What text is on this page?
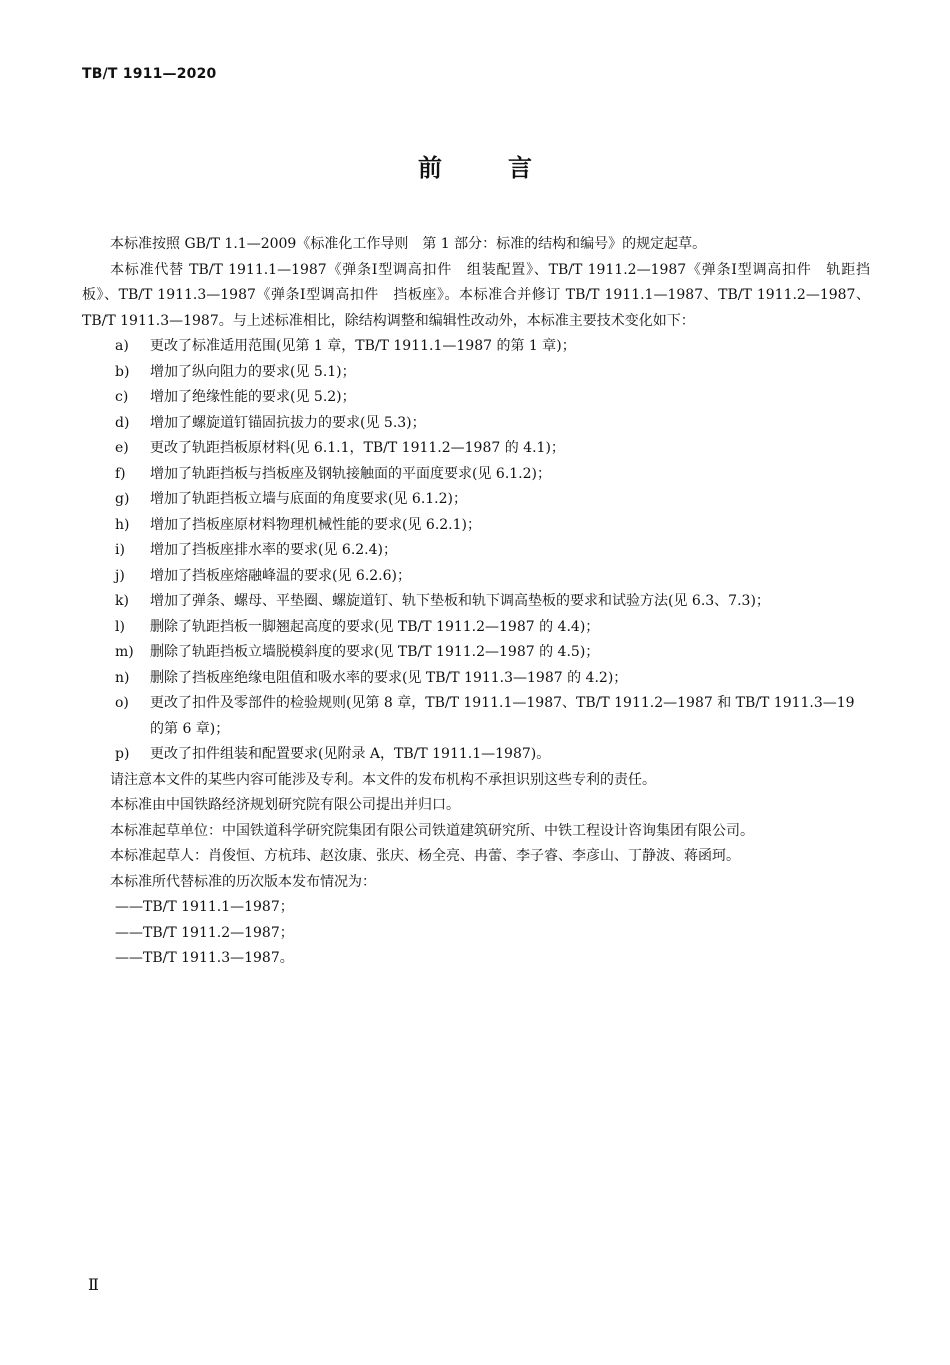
TB/T 1911—2020
前言
本标准按照 GB/T 1.1—2009《标准化工作导则　第 1 部分：标准的结构和编号》的规定起草。
本标准代替 TB/T 1911.1—1987《弹条Ⅰ型调高扣件　组装配置》、TB/T 1911.2—1987《弹条Ⅰ型调高扣件　轨距挡板》、TB/T 1911.3—1987《弹条Ⅰ型调高扣件　挡板座》。本标准合并修订 TB/T 1911.1—1987、TB/T 1911.2—1987、TB/T 1911.3—1987。与上述标准相比，除结构调整和编辑性改动外，本标准主要技术变化如下：
a) 更改了标准适用范围(见第 1 章，TB/T 1911.1—1987 的第 1 章)；
b) 增加了纵向阻力的要求(见 5.1)；
c) 增加了绝缘性能的要求(见 5.2)；
d) 增加了螺旋道钉锚固抗拔力的要求(见 5.3)；
e) 更改了轨距挡板原材料(见 6.1.1，TB/T 1911.2—1987 的 4.1)；
f) 增加了轨距挡板与挡板座及钢轨接触面的平面度要求(见 6.1.2)；
g) 增加了轨距挡板立墙与底面的角度要求(见 6.1.2)；
h) 增加了挡板座原材料物理机械性能的要求(见 6.2.1)；
i) 增加了挡板座排水率的要求(见 6.2.4)；
j) 增加了挡板座熔融峰温的要求(见 6.2.6)；
k) 增加了弹条、螺母、平垫圈、螺旋道钉、轨下垫板和轨下调高垫板的要求和试验方法(见 6.3、7.3)；
l) 删除了轨距挡板一脚翘起高度的要求(见 TB/T 1911.2—1987 的 4.4)；
m) 删除了轨距挡板立墙脱模斜度的要求(见 TB/T 1911.2—1987 的 4.5)；
n) 删除了挡板座绝缘电阻值和吸水率的要求(见 TB/T 1911.3—1987 的 4.2)；
o) 更改了扣件及零部件的检验规则(见第 8 章，TB/T 1911.1—1987、TB/T 1911.2—1987 和 TB/T 1911.3—19 的第 6 章)；
p) 更改了扣件组装和配置要求(见附录 A，TB/T 1911.1—1987)。
请注意本文件的某些内容可能涉及专利。本文件的发布机构不承担识别这些专利的责任。
本标准由中国铁路经济规划研究院有限公司提出并归口。
本标准起草单位：中国铁道科学研究院集团有限公司铁道建筑研究所、中铁工程设计咨询集团有限公司。
本标准起草人：肖俊恒、方杭玮、赵汝康、张庆、杨全亮、冉蕾、李子睿、李彦山、丁静波、蒋函珂。
本标准所代替标准的历次版本发布情况为：
——TB/T 1911.1—1987；
——TB/T 1911.2—1987；
——TB/T 1911.3—1987。
Ⅱ
